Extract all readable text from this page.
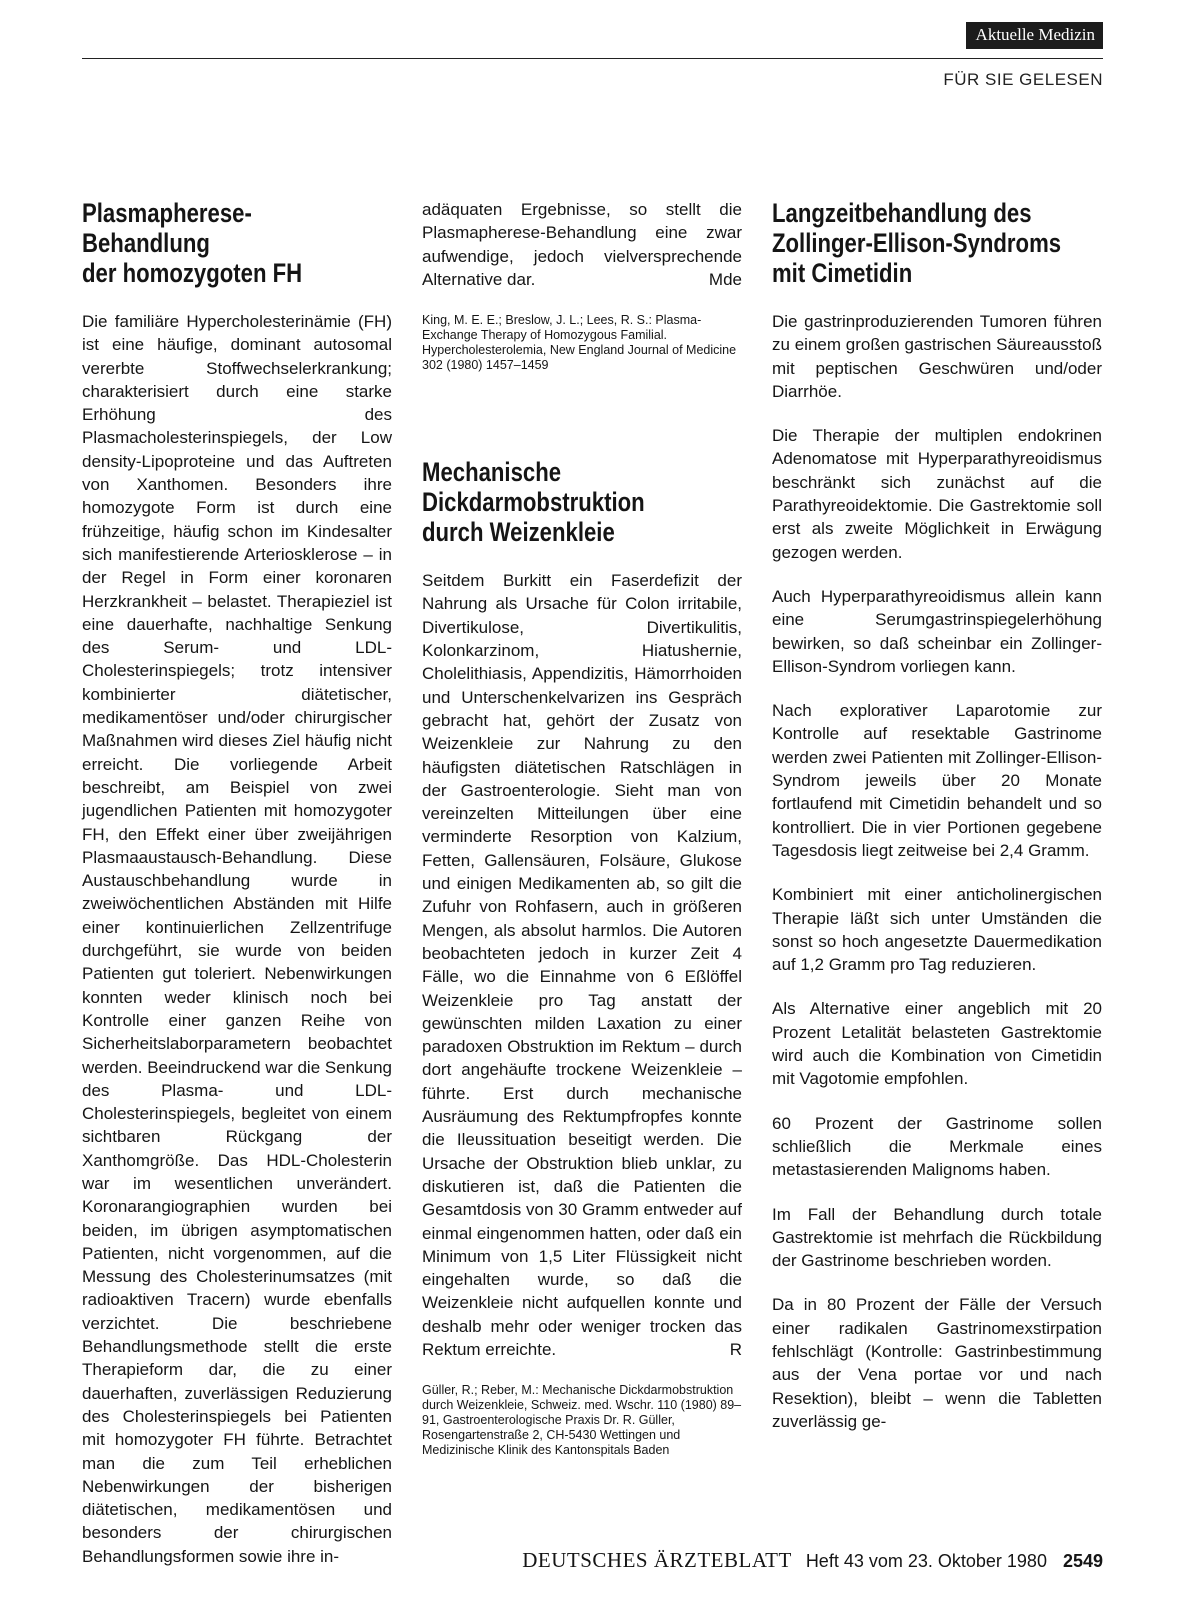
Aktuelle Medizin
FÜR SIE GELESEN
Plasmapherese-
Behandlung
der homozygoten FH

Die familiäre Hypercholesterinämie (FH) ist eine häufige, dominant autosomal vererbte Stoffwechselerkrankung; charakterisiert durch eine starke Erhöhung des Plasmacholesterinspiegels, der Low density-Lipoproteine und das Auftreten von Xanthomen. Besonders ihre homozygote Form ist durch eine frühzeitige, häufig schon im Kindesalter sich manifestierende Arteriosklerose – in der Regel in Form einer koronaren Herzkrankheit – belastet. Therapieziel ist eine dauerhafte, nachhaltige Senkung des Serum- und LDL-Cholesterinspiegels; trotz intensiver kombinierter diätetischer, medikamentöser und/oder chirurgischer Maßnahmen wird dieses Ziel häufig nicht erreicht. Die vorliegende Arbeit beschreibt, am Beispiel von zwei jugendlichen Patienten mit homozygoter FH, den Effekt einer über zweijährigen Plasmaaustausch-Behandlung. Diese Austauschbehandlung wurde in zweiwöchentlichen Abständen mit Hilfe einer kontinuierlichen Zellzentrifuge durchgeführt, sie wurde von beiden Patienten gut toleriert. Nebenwirkungen konnten weder klinisch noch bei Kontrolle einer ganzen Reihe von Sicherheitslaborparametern beobachtet werden. Beeindruckend war die Senkung des Plasma- und LDL-Cholesterinspiegels, begleitet von einem sichtbaren Rückgang der Xanthomgröße. Das HDL-Cholesterin war im wesentlichen unverändert. Koronarangiographien wurden bei beiden, im übrigen asymptomatischen Patienten, nicht vorgenommen, auf die Messung des Cholesterinumsatzes (mit radioaktiven Tracern) wurde ebenfalls verzichtet. Die beschriebene Behandlungsmethode stellt die erste Therapieform dar, die zu einer dauerhaften, zuverlässigen Reduzierung des Cholesterinspiegels bei Patienten mit homozygoter FH führte. Betrachtet man die zum Teil erheblichen Nebenwirkungen der bisherigen diätetischen, medikamentösen und besonders der chirurgischen Behandlungsformen sowie ihre in-

adäquaten Ergebnisse, so stellt die Plasmapherese-Behandlung eine zwar aufwendige, jedoch vielversprechende Alternative dar.	Mde

King, M. E. E.; Breslow, J. L.; Lees, R. S.: Plasma-Exchange Therapy of Homozygous Familial. Hypercholesterolemia, New England Journal of Medicine 302 (1980) 1457–1459

Mechanische
Dickdarmobstruktion
durch Weizenkleie

Seitdem Burkitt ein Faserdefizit der Nahrung als Ursache für Colon irritabile, Divertikulose, Divertikulitis, Kolonkarzinom, Hiatushernie, Cholelithiasis, Appendizitis, Hämorrhoiden und Unterschenkelvarizen ins Gespräch gebracht hat, gehört der Zusatz von Weizenkleie zur Nahrung zu den häufigsten diätetischen Ratschlägen in der Gastroenterologie. Sieht man von vereinzelten Mitteilungen über eine verminderte Resorption von Kalzium, Fetten, Gallensäuren, Folsäure, Glukose und einigen Medikamenten ab, so gilt die Zufuhr von Rohfasern, auch in größeren Mengen, als absolut harmlos. Die Autoren beobachteten jedoch in kurzer Zeit 4 Fälle, wo die Einnahme von 6 Eßlöffel Weizenkleie pro Tag anstatt der gewünschten milden Laxation zu einer paradoxen Obstruktion im Rektum – durch dort angehäufte trockene Weizenkleie – führte. Erst durch mechanische Ausräumung des Rektumpfropfes konnte die Ileussituation beseitigt werden. Die Ursache der Obstruktion blieb unklar, zu diskutieren ist, daß die Patienten die Gesamtdosis von 30 Gramm entweder auf einmal eingenommen hatten, oder daß ein Minimum von 1,5 Liter Flüssigkeit nicht eingehalten wurde, so daß die Weizenkleie nicht aufquellen konnte und deshalb mehr oder weniger trocken das Rektum erreichte.	R

Güller, R.; Reber, M.: Mechanische Dickdarmobstruktion durch Weizenkleie, Schweiz. med. Wschr. 110 (1980) 89–91, Gastroenterologische Praxis Dr. R. Güller, Rosengartenstraße 2, CH-5430 Wettingen und Medizinische Klinik des Kantonspitals Baden

Langzeitbehandlung des
Zollinger-Ellison-Syndroms
mit Cimetidin

Die gastrinproduzierenden Tumoren führen zu einem großen gastrischen Säureausstoß mit peptischen Geschwüren und/oder Diarrhöe.

Die Therapie der multiplen endokrinen Adenomatose mit Hyperparathyreoidismus beschränkt sich zunächst auf die Parathyreoidektomie. Die Gastrektomie soll erst als zweite Möglichkeit in Erwägung gezogen werden.

Auch Hyperparathyreoidismus allein kann eine Serumgastrinspiegelerhöhung bewirken, so daß scheinbar ein Zollinger-Ellison-Syndrom vorliegen kann.

Nach explorativer Laparotomie zur Kontrolle auf resektable Gastrinome werden zwei Patienten mit Zollinger-Ellison-Syndrom jeweils über 20 Monate fortlaufend mit Cimetidin behandelt und so kontrolliert. Die in vier Portionen gegebene Tagesdosis liegt zeitweise bei 2,4 Gramm.

Kombiniert mit einer anticholinergischen Therapie läßt sich unter Umständen die sonst so hoch angesetzte Dauermedikation auf 1,2 Gramm pro Tag reduzieren.

Als Alternative einer angeblich mit 20 Prozent Letalität belasteten Gastrektomie wird auch die Kombination von Cimetidin mit Vagotomie empfohlen.

60 Prozent der Gastrinome sollen schließlich die Merkmale eines metastasierenden Malignoms haben.

Im Fall der Behandlung durch totale Gastrektomie ist mehrfach die Rückbildung der Gastrinome beschrieben worden.

Da in 80 Prozent der Fälle der Versuch einer radikalen Gastrinomexstirpation fehlschlägt (Kontrolle: Gastrinbestimmung aus der Vena portae vor und nach Resektion), bleibt – wenn die Tabletten zuverlässig ge-

DEUTSCHES ÄRZTEBLATT Heft 43 vom 23. Oktober 1980 2549
